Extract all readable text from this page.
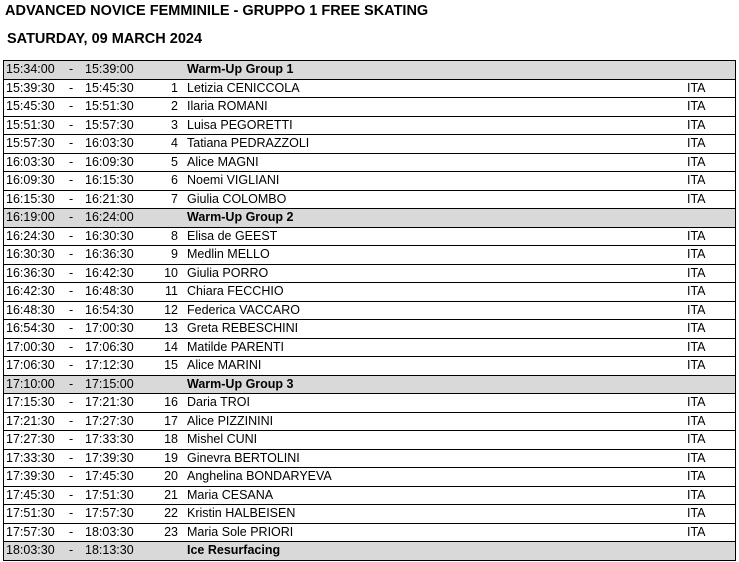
ADVANCED NOVICE FEMMINILE - GRUPPO 1 FREE SKATING
SATURDAY, 09 MARCH 2024
15:34:00 - 15:39:00	Warm-Up Group 1
15:39:30 - 15:45:30	1 Letizia CENICCOLA	ITA
15:45:30 - 15:51:30	2 Ilaria ROMANI	ITA
15:51:30 - 15:57:30	3 Luisa PEGORETTI	ITA
15:57:30 - 16:03:30	4 Tatiana PEDRAZZOLI	ITA
16:03:30 - 16:09:30	5 Alice MAGNI	ITA
16:09:30 - 16:15:30	6 Noemi VIGLIANI	ITA
16:15:30 - 16:21:30	7 Giulia COLOMBO	ITA
16:19:00 - 16:24:00	Warm-Up Group 2
16:24:30 - 16:30:30	8 Elisa de GEEST	ITA
16:30:30 - 16:36:30	9 Medlin MELLO	ITA
16:36:30 - 16:42:30	10 Giulia PORRO	ITA
16:42:30 - 16:48:30	11 Chiara FECCHIO	ITA
16:48:30 - 16:54:30	12 Federica VACCARO	ITA
16:54:30 - 17:00:30	13 Greta REBESCHINI	ITA
17:00:30 - 17:06:30	14 Matilde PARENTI	ITA
17:06:30 - 17:12:30	15 Alice MARINI	ITA
17:10:00 - 17:15:00	Warm-Up Group 3
17:15:30 - 17:21:30	16 Daria TROI	ITA
17:21:30 - 17:27:30	17 Alice PIZZININI	ITA
17:27:30 - 17:33:30	18 Mishel CUNI	ITA
17:33:30 - 17:39:30	19 Ginevra BERTOLINI	ITA
17:39:30 - 17:45:30	20 Anghelina BONDARYEVA	ITA
17:45:30 - 17:51:30	21 Maria CESANA	ITA
17:51:30 - 17:57:30	22 Kristin HALBEISEN	ITA
17:57:30 - 18:03:30	23 Maria Sole PRIORI	ITA
18:03:30 - 18:13:30	Ice Resurfacing
